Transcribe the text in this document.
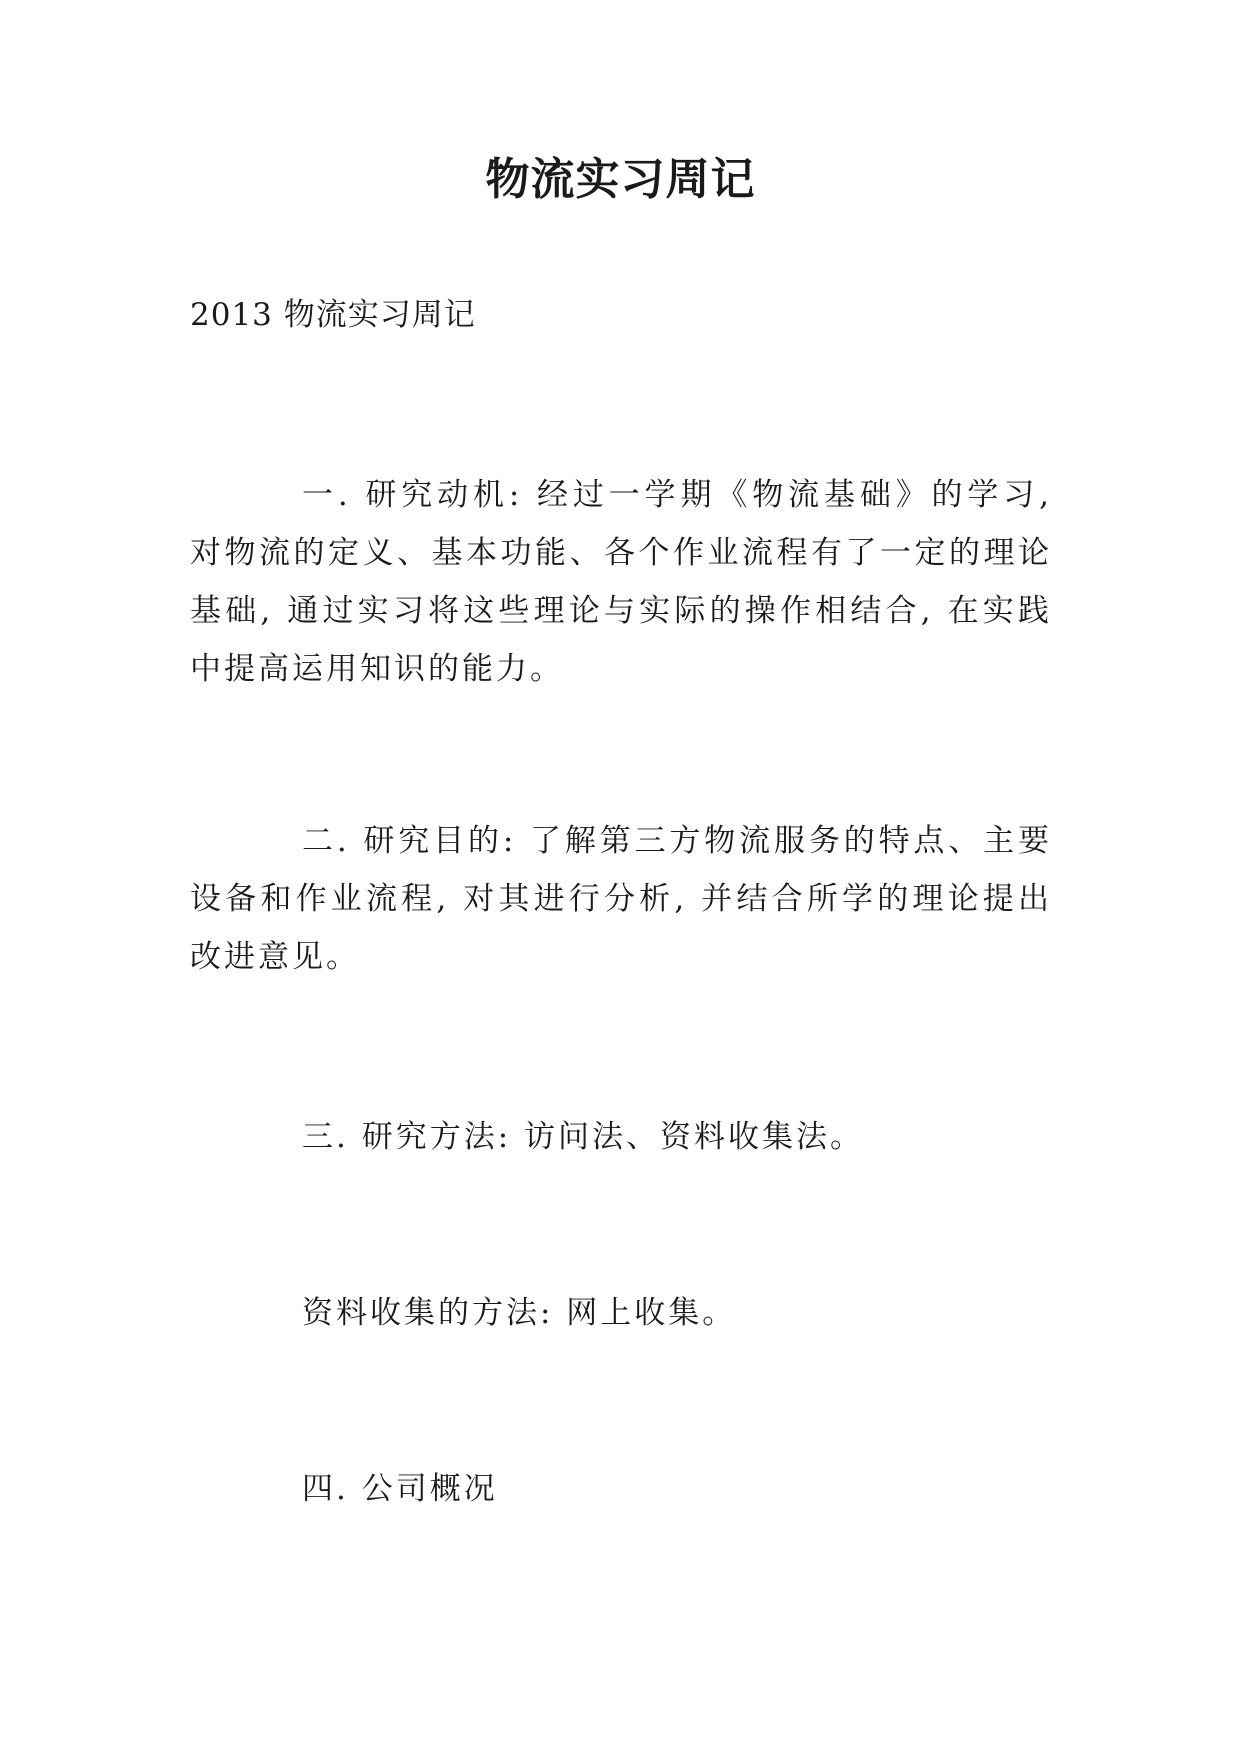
物流实习周记
2013 物流实习周记

一. 研究动机: 经过一学期《物流基础》的学习, 对物流的定义、基本功能、各个作业流程有了一定的理论基础, 通过实习将这些理论与实际的操作相结合, 在实践中提高运用知识的能力。

二. 研究目的: 了解第三方物流服务的特点、主要设备和作业流程, 对其进行分析, 并结合所学的理论提出改进意见。

三. 研究方法: 访问法、资料收集法。

资料收集的方法: 网上收集。

四. 公司概况
